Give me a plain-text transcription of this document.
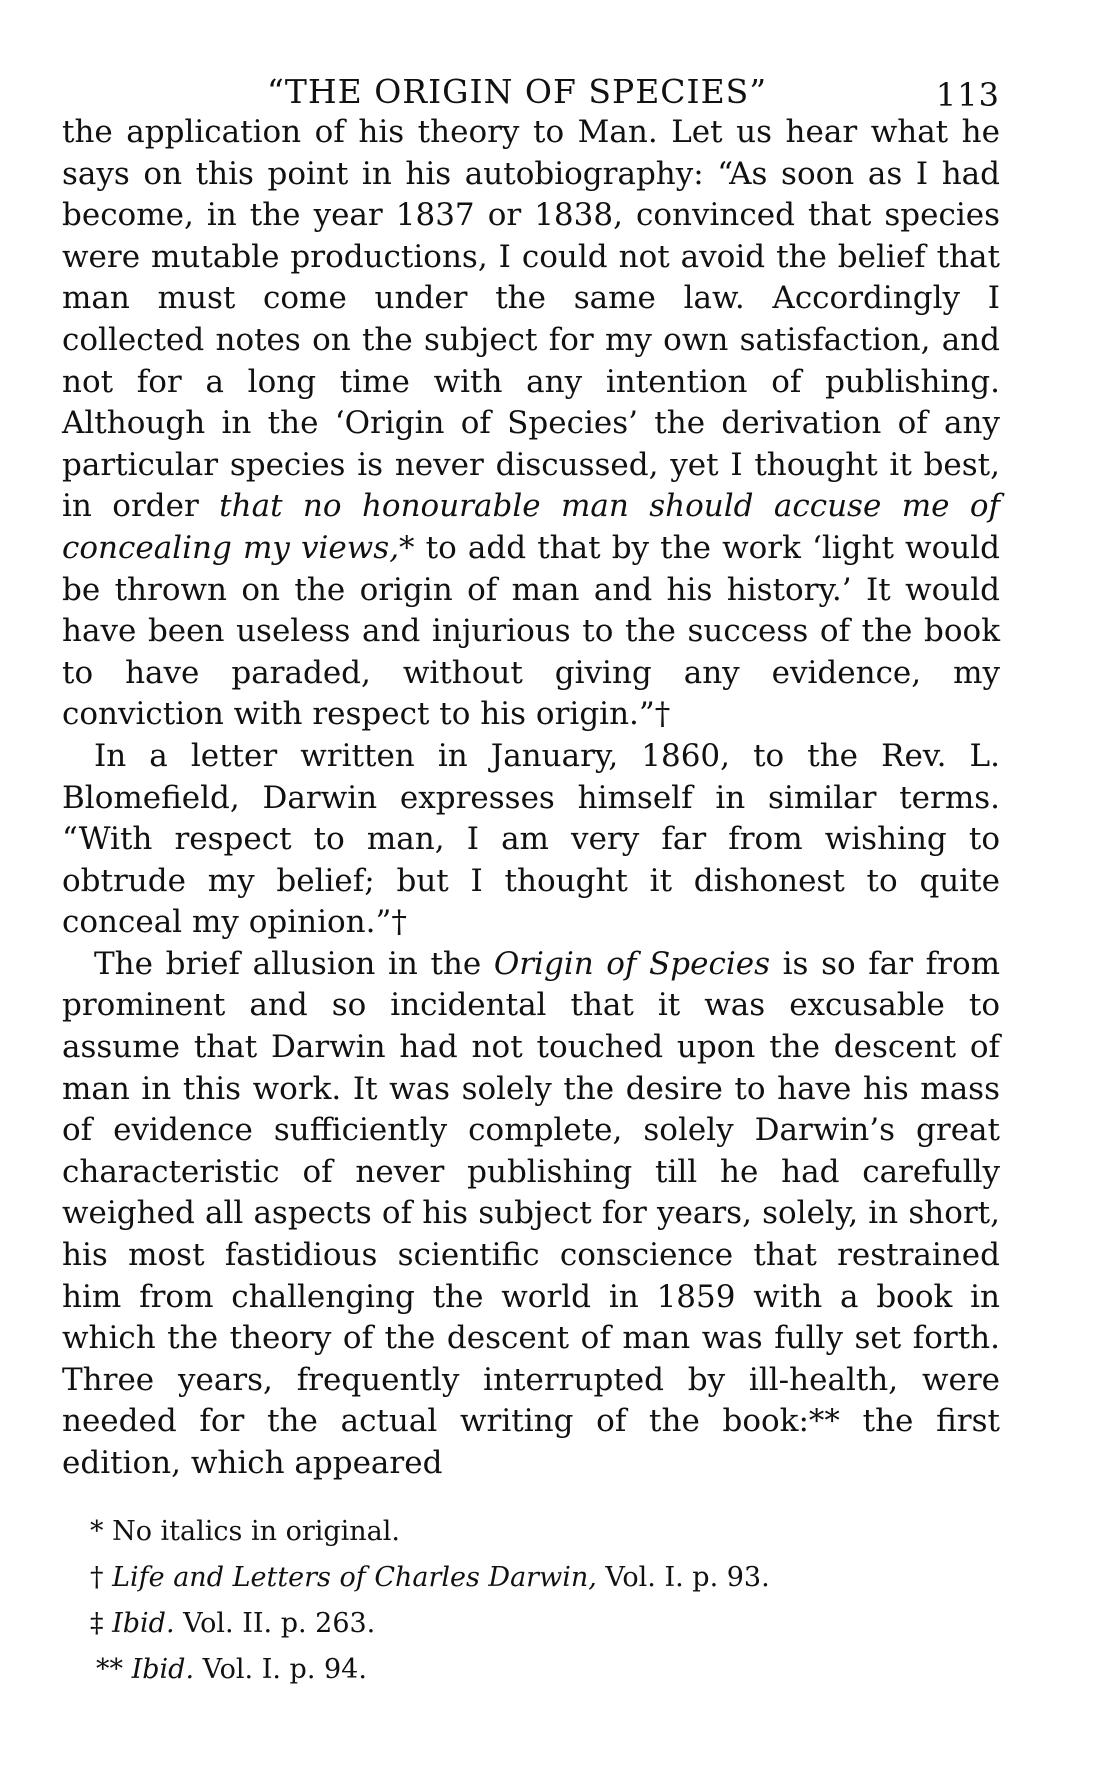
“THE ORIGIN OF SPECIES”	113

the application of his theory to Man. Let us hear what he says on this point in his autobiography: “As soon as I had become, in the year 1837 or 1838, convinced that species were mutable productions, I could not avoid the belief that man must come under the same law. Accordingly I collected notes on the subject for my own satisfaction, and not for a long time with any intention of publishing. Although in the ‘Origin of Species’ the derivation of any particular species is never discussed, yet I thought it best, in order that no honourable man should accuse me of concealing my views,* to add that by the work ‘light would be thrown on the origin of man and his history.’ It would have been useless and injurious to the success of the book to have paraded, without giving any evidence, my conviction with respect to his origin.”†

In a letter written in January, 1860, to the Rev. L. Blomefield, Darwin expresses himself in similar terms. “With respect to man, I am very far from wishing to obtrude my belief; but I thought it dishonest to quite conceal my opinion.”†

The brief allusion in the Origin of Species is so far from prominent and so incidental that it was excusable to assume that Darwin had not touched upon the descent of man in this work. It was solely the desire to have his mass of evidence sufficiently complete, solely Darwin’s great characteristic of never publishing till he had carefully weighed all aspects of his subject for years, solely, in short, his most fastidious scientific conscience that restrained him from challenging the world in 1859 with a book in which the theory of the descent of man was fully set forth. Three years, frequently interrupted by ill-health, were needed for the actual writing of the book:** the first edition, which appeared

* No italics in original.

† Life and Letters of Charles Darwin, Vol. I. p. 93.

‡ Ibid. Vol. II. p. 263.

** Ibid. Vol. I. p. 94.
